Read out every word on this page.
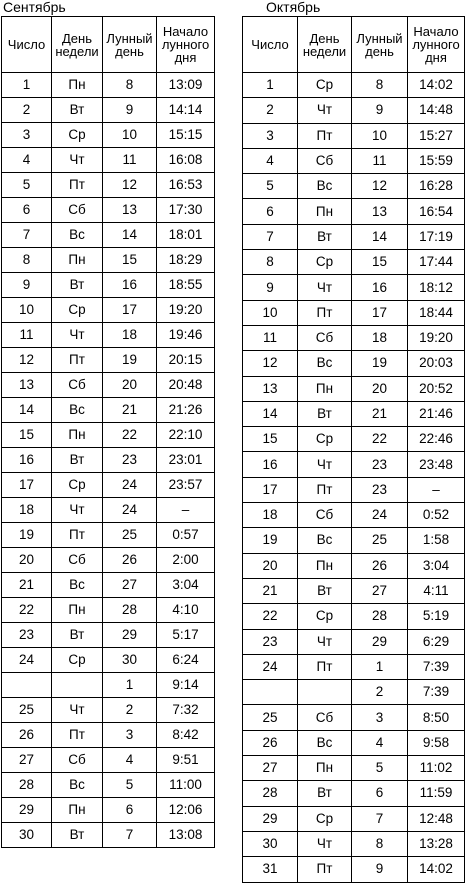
Сентябрь
Число	День недели	Лунный день	Начало лунного дня
1	Пн	8	13:09
2	Вт	9	14:14
3	Ср	10	15:15
4	Чт	11	16:08
5	Пт	12	16:53
6	Сб	13	17:30
7	Вс	14	18:01
8	Пн	15	18:29
9	Вт	16	18:55
10	Ср	17	19:20
11	Чт	18	19:46
12	Пт	19	20:15
13	Сб	20	20:48
14	Вс	21	21:26
15	Пн	22	22:10
16	Вт	23	23:01
17	Ср	24	23:57
18	Чт	24	–
19	Пт	25	0:57
20	Сб	26	2:00
21	Вс	27	3:04
22	Пн	28	4:10
23	Вт	29	5:17
24	Ср	30	6:24
		1	9:14
25	Чт	2	7:32
26	Пт	3	8:42
27	Сб	4	9:51
28	Вс	5	11:00
29	Пн	6	12:06
30	Вт	7	13:08
Октябрь
Число	День недели	Лунный день	Начало лунного дня
1	Ср	8	14:02
2	Чт	9	14:48
3	Пт	10	15:27
4	Сб	11	15:59
5	Вс	12	16:28
6	Пн	13	16:54
7	Вт	14	17:19
8	Ср	15	17:44
9	Чт	16	18:12
10	Пт	17	18:44
11	Сб	18	19:20
12	Вс	19	20:03
13	Пн	20	20:52
14	Вт	21	21:46
15	Ср	22	22:46
16	Чт	23	23:48
17	Пт	23	–
18	Сб	24	0:52
19	Вс	25	1:58
20	Пн	26	3:04
21	Вт	27	4:11
22	Ср	28	5:19
23	Чт	29	6:29
24	Пт	1	7:39
		2	7:39
25	Сб	3	8:50
26	Вс	4	9:58
27	Пн	5	11:02
28	Вт	6	11:59
29	Ср	7	12:48
30	Чт	8	13:28
31	Пт	9	14:02
